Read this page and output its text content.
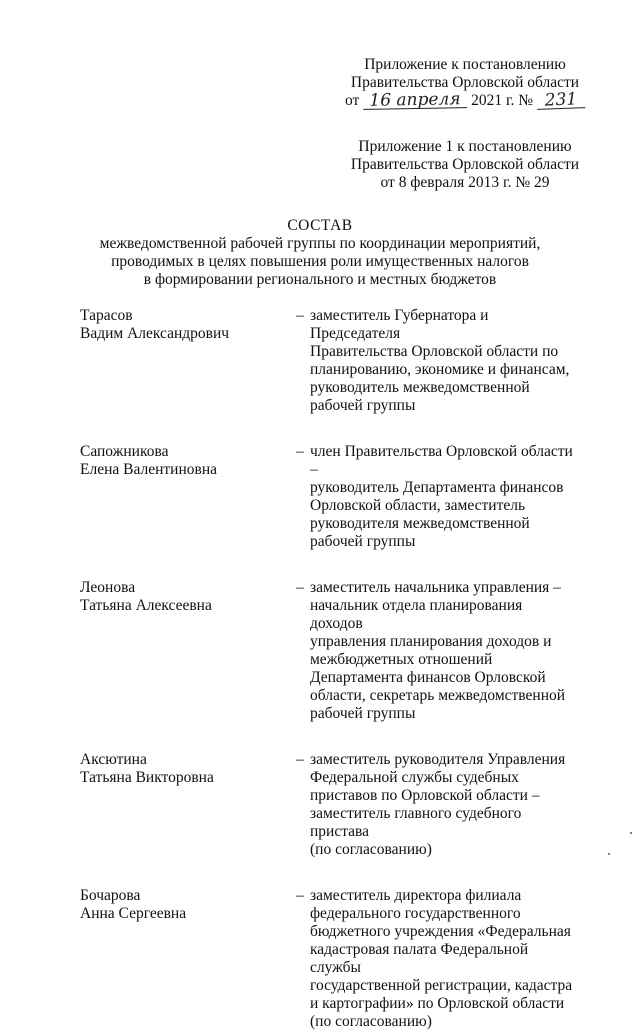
Приложение к постановлению
Правительства Орловской области
от 16 апреля 2021 г. № 231
Приложение 1 к постановлению
Правительства Орловской области
от 8 февраля 2013 г. № 29
СОСТАВ
межведомственной рабочей группы по координации мероприятий,
проводимых в целях повышения роли имущественных налогов
в формировании регионального и местных бюджетов
Тарасов
Вадим Александрович
– заместитель Губернатора и Председателя
Правительства Орловской области по
планированию, экономике и финансам,
руководитель межведомственной
рабочей группы
Сапожникова
Елена Валентиновна
– член Правительства Орловской области –
руководитель Департамента финансов
Орловской области, заместитель
руководителя межведомственной
рабочей группы
Леонова
Татьяна Алексеевна
– заместитель начальника управления –
начальник отдела планирования доходов
управления планирования доходов и
межбюджетных отношений
Департамента финансов Орловской
области, секретарь межведомственной
рабочей группы
Аксютина
Татьяна Викторовна
– заместитель руководителя Управления
Федеральной службы судебных
приставов по Орловской области –
заместитель главного судебного пристава
(по согласованию)
Бочарова
Анна Сергеевна
– заместитель директора филиала
федерального государственного
бюджетного учреждения «Федеральная
кадастровая палата Федеральной службы
государственной регистрации, кадастра
и картографии» по Орловской области
(по согласованию)
